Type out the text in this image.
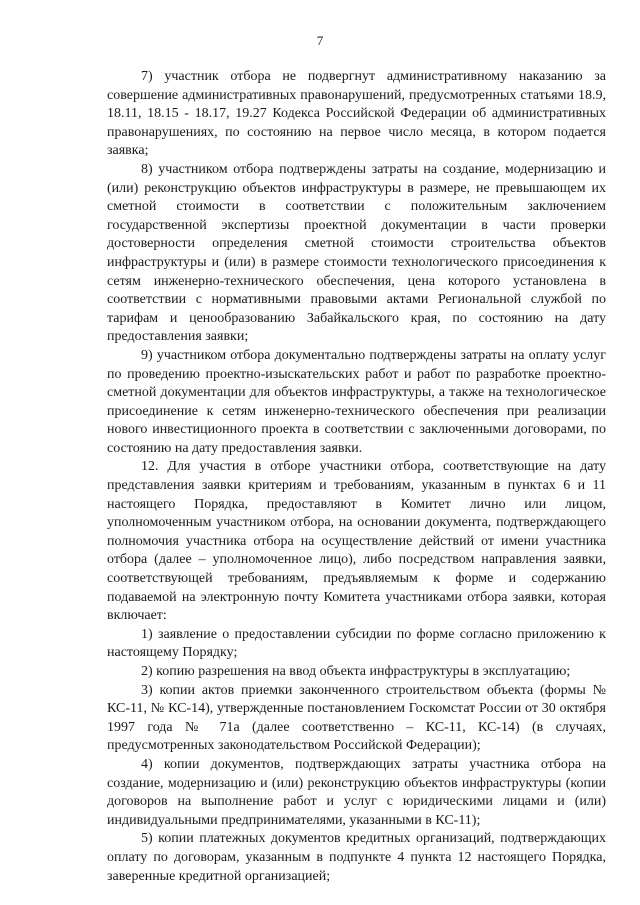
7

7) участник отбора не подвергнут административному наказанию за совершение административных правонарушений, предусмотренных статьями 18.9, 18.11, 18.15 - 18.17, 19.27 Кодекса Российской Федерации об административных правонарушениях, по состоянию на первое число месяца, в котором подается заявка;

8) участником отбора подтверждены затраты на создание, модернизацию и (или) реконструкцию объектов инфраструктуры в размере, не превышающем их сметной стоимости в соответствии с положительным заключением государственной экспертизы проектной документации в части проверки достоверности определения сметной стоимости строительства объектов инфраструктуры и (или) в размере стоимости технологического присоединения к сетям инженерно-технического обеспечения, цена которого установлена в соответствии с нормативными правовыми актами Региональной службой по тарифам и ценообразованию Забайкальского края, по состоянию на дату предоставления заявки;

9) участником отбора документально подтверждены затраты на оплату услуг по проведению проектно-изыскательских работ и работ по разработке проектно-сметной документации для объектов инфраструктуры, а также на технологическое присоединение к сетям инженерно-технического обеспечения при реализации нового инвестиционного проекта в соответствии с заключенными договорами, по состоянию на дату предоставления заявки.

12. Для участия в отборе участники отбора, соответствующие на дату представления заявки критериям и требованиям, указанным в пунктах 6 и 11 настоящего Порядка, предоставляют в Комитет лично или лицом, уполномоченным участником отбора, на основании документа, подтверждающего полномочия участника отбора на осуществление действий от имени участника отбора (далее – уполномоченное лицо), либо посредством направления заявки, соответствующей требованиям, предъявляемым к форме и содержанию подаваемой на электронную почту Комитета участниками отбора заявки, которая включает:

1) заявление о предоставлении субсидии по форме согласно приложению к настоящему Порядку;

2) копию разрешения на ввод объекта инфраструктуры в эксплуатацию;

3) копии актов приемки законченного строительством объекта (формы № КС-11, № КС-14), утвержденные постановлением Госкомстат России от 30 октября 1997 года № 71а (далее соответственно – КС-11, КС-14) (в случаях, предусмотренных законодательством Российской Федерации);

4) копии документов, подтверждающих затраты участника отбора на создание, модернизацию и (или) реконструкцию объектов инфраструктуры (копии договоров на выполнение работ и услуг с юридическими лицами и (или) индивидуальными предпринимателями, указанными в КС-11);

5) копии платежных документов кредитных организаций, подтверждающих оплату по договорам, указанным в подпункте 4 пункта 12 настоящего Порядка, заверенные кредитной организацией;
